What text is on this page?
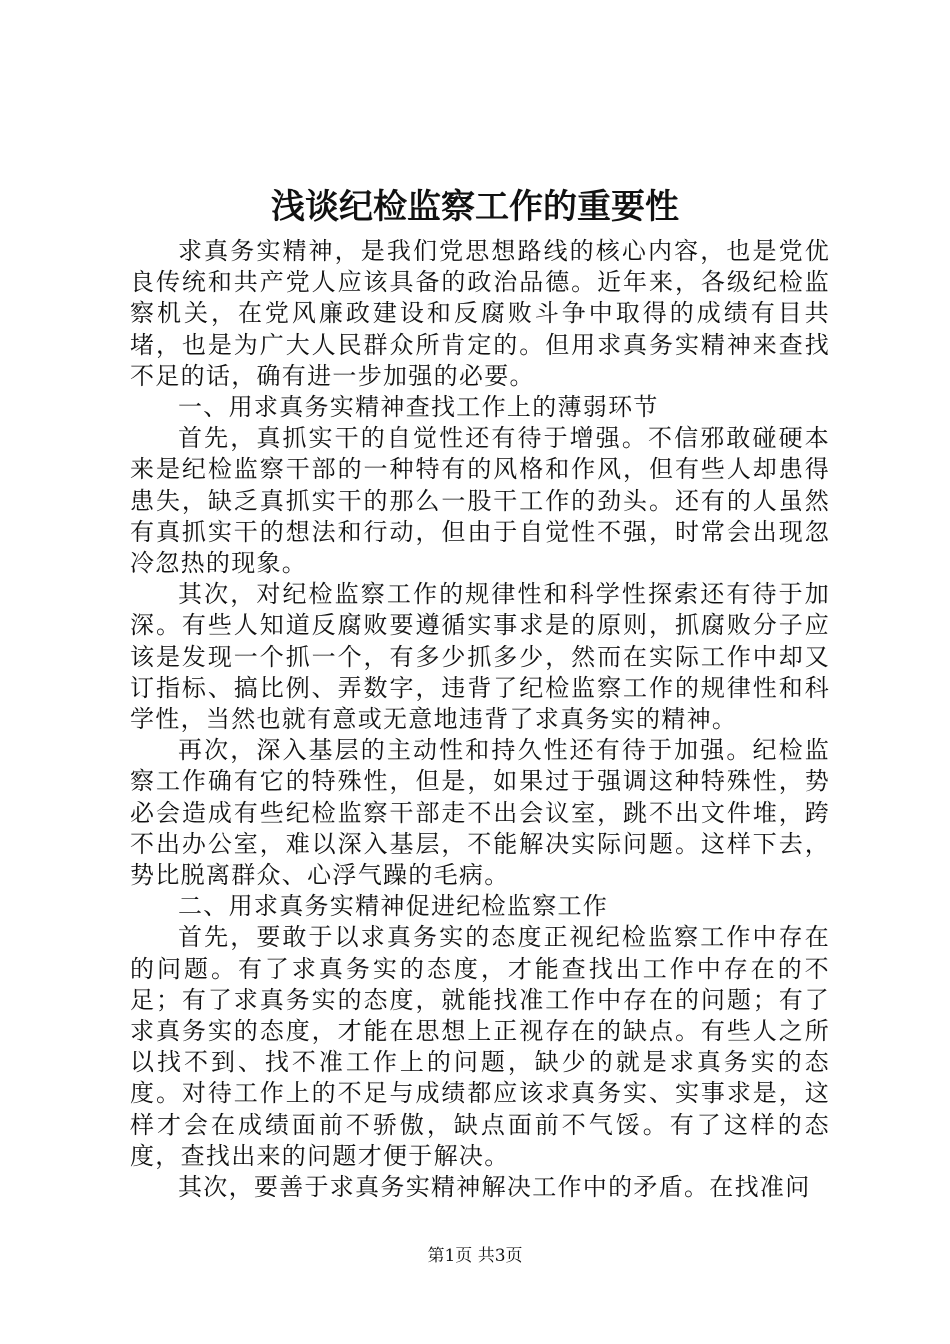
浅谈纪检监察工作的重要性

求真务实精神，是我们党思想路线的核心内容，也是党优良传统和共产党人应该具备的政治品德。近年来，各级纪检监察机关，在党风廉政建设和反腐败斗争中取得的成绩有目共堵，也是为广大人民群众所肯定的。但用求真务实精神来查找不足的话，确有进一步加强的必要。

一、用求真务实精神查找工作上的薄弱环节

首先，真抓实干的自觉性还有待于增强。不信邪敢碰硬本来是纪检监察干部的一种特有的风格和作风，但有些人却患得患失，缺乏真抓实干的那么一股干工作的劲头。还有的人虽然有真抓实干的想法和行动，但由于自觉性不强，时常会出现忽冷忽热的现象。

其次，对纪检监察工作的规律性和科学性探索还有待于加深。有些人知道反腐败要遵循实事求是的原则，抓腐败分子应该是发现一个抓一个，有多少抓多少，然而在实际工作中却又订指标、搞比例、弄数字，违背了纪检监察工作的规律性和科学性，当然也就有意或无意地违背了求真务实的精神。

再次，深入基层的主动性和持久性还有待于加强。纪检监察工作确有它的特殊性，但是，如果过于强调这种特殊性，势必会造成有些纪检监察干部走不出会议室，跳不出文件堆，跨不出办公室，难以深入基层，不能解决实际问题。这样下去，势比脱离群众、心浮气躁的毛病。

二、用求真务实精神促进纪检监察工作

首先，要敢于以求真务实的态度正视纪检监察工作中存在的问题。有了求真务实的态度，才能查找出工作中存在的不足；有了求真务实的态度，就能找准工作中存在的问题；有了求真务实的态度，才能在思想上正视存在的缺点。有些人之所以找不到、找不准工作上的问题，缺少的就是求真务实的态度。对待工作上的不足与成绩都应该求真务实、实事求是，这样才会在成绩面前不骄傲，缺点面前不气馁。有了这样的态度，查找出来的问题才便于解决。

其次，要善于求真务实精神解决工作中的矛盾。在找准问

第1页 共3页
